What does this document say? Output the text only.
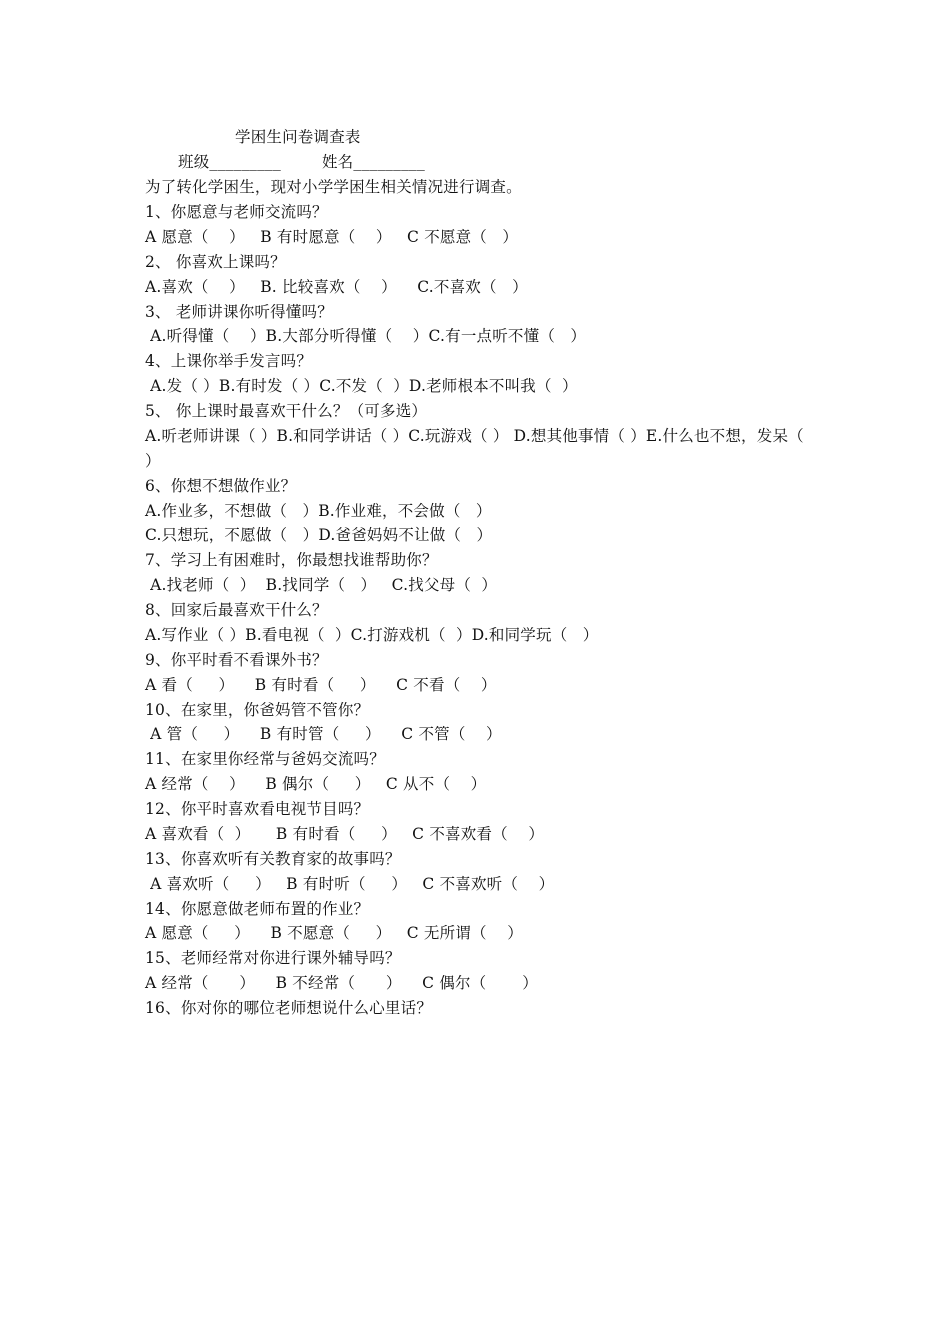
学困生问卷调查表
班级_________        姓名_________
为了转化学困生，现对小学学困生相关情况进行调查。
1、你愿意与老师交流吗？
A 愿意（    ）   B 有时愿意（    ）   C 不愿意（   ）
2、 你喜欢上课吗？
A.喜欢（    ）   B. 比较喜欢（    ）    C.不喜欢（   ）
3、 老师讲课你听得懂吗？
A.听得懂（    ）B.大部分听得懂（    ）C.有一点听不懂（   ）
4、上课你举手发言吗？
A.发（ ）B.有时发（ ）C.不发（  ）D.老师根本不叫我（  ）
5、 你上课时最喜欢干什么？（可多选）
A.听老师讲课（ ）B.和同学讲话（ ）C.玩游戏（ ） D.想其他事情（ ）E.什么也不想，发呆（ ）
6、你想不想做作业？
A.作业多，不想做（   ）B.作业难，不会做（   ）
C.只想玩，不愿做（   ）D.爸爸妈妈不让做（   ）
7、学习上有困难时，你最想找谁帮助你？
A.找老师（  ）  B.找同学（   ）   C.找父母（  ）
8、回家后最喜欢干什么？
A.写作业（ ）B.看电视（  ）C.打游戏机（  ）D.和同学玩（   ）
9、你平时看不看课外书？
A 看（     ）    B 有时看（     ）    C 不看（    ）
10、在家里，你爸妈管不管你？
A 管（     ）    B 有时管（     ）    C 不管（    ）
11、在家里你经常与爸妈交流吗？
A 经常（    ）    B 偶尔（     ）   C 从不（    ）
12、你平时喜欢看电视节目吗？
A 喜欢看（  ）     B 有时看（     ）   C 不喜欢看（    ）
13、你喜欢听有关教育家的故事吗？
A 喜欢听（     ）   B 有时听（     ）   C 不喜欢听（    ）
14、你愿意做老师布置的作业？
A 愿意（     ）    B 不愿意（     ）   C 无所谓（    ）
15、老师经常对你进行课外辅导吗？
A 经常（      ）    B 不经常（      ）    C 偶尔（       ）
16、你对你的哪位老师想说什么心里话？
